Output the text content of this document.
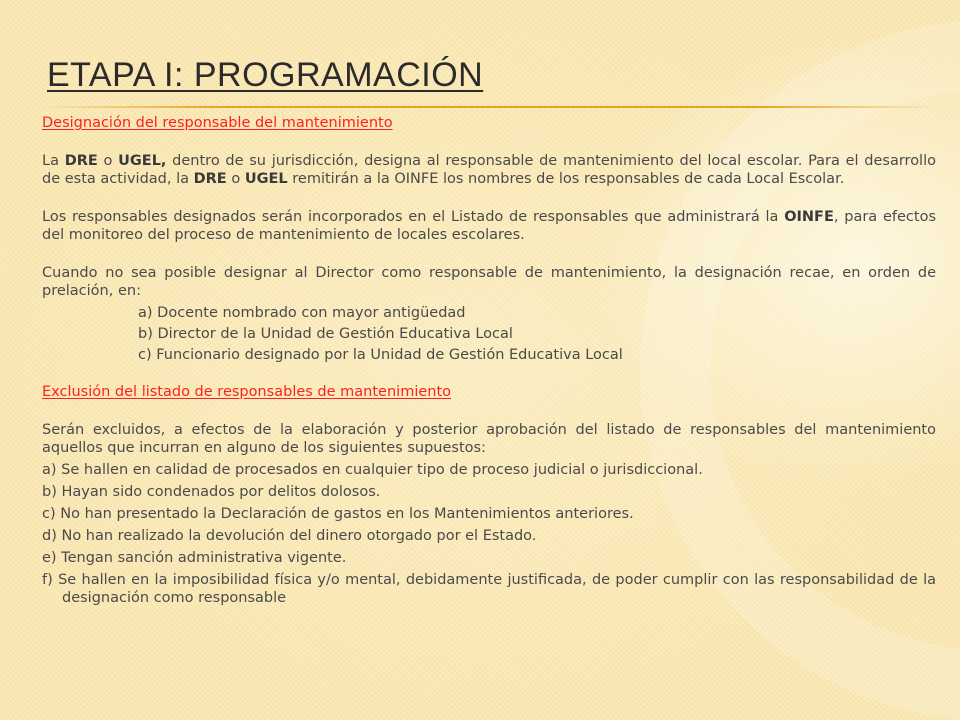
ETAPA I: PROGRAMACIÓN

Designación del responsable del mantenimiento

La DRE o UGEL, dentro de su jurisdicción, designa al responsable de mantenimiento del local escolar. Para el desarrollo de esta actividad, la DRE o UGEL remitirán a la OINFE los nombres de los responsables de cada Local Escolar.

Los responsables designados serán incorporados en el Listado de responsables que administrará la OINFE, para efectos del monitoreo del proceso de mantenimiento de locales escolares.

Cuando no sea posible designar al Director como responsable de mantenimiento, la designación recae, en orden de prelación, en:

a) Docente nombrado con mayor antigüedad

b) Director de la Unidad de Gestión Educativa Local

c) Funcionario designado por la Unidad de Gestión Educativa Local

Exclusión del listado de responsables de mantenimiento

Serán excluidos, a efectos de la elaboración y posterior aprobación del listado de responsables del mantenimiento aquellos que incurran en alguno de los siguientes supuestos:

a) Se hallen en calidad de procesados en cualquier tipo de proceso judicial o jurisdiccional.

b) Hayan sido condenados por delitos dolosos.

c) No han presentado la Declaración de gastos en los Mantenimientos anteriores.

d) No han realizado la devolución del dinero otorgado por el Estado.

e) Tengan sanción administrativa vigente.

f) Se hallen en la imposibilidad física y/o mental, debidamente justificada, de poder cumplir con las responsabilidad de la designación como responsable
